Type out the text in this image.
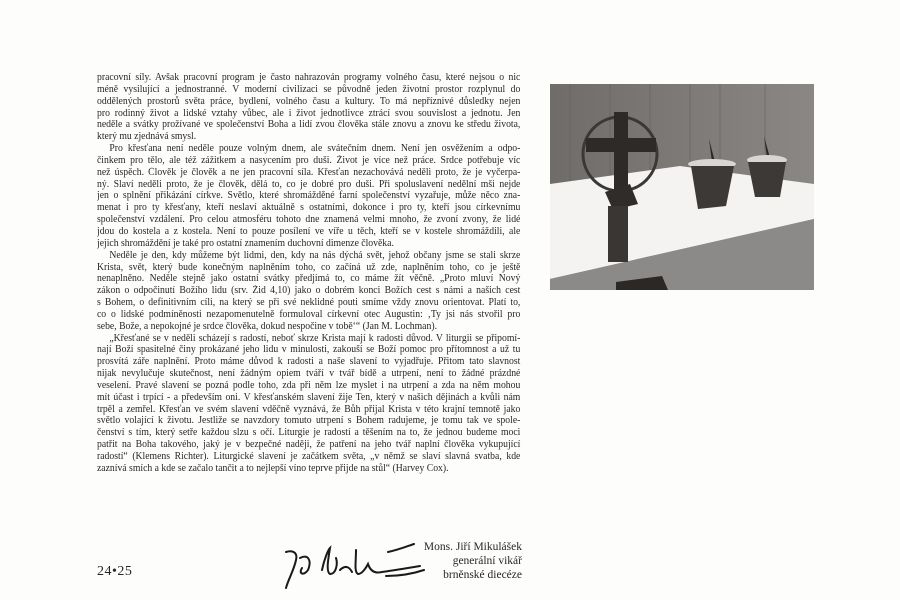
pracovní síly. Avšak pracovní program je často nahrazován programy volného času, které nejsou o nic
méně vysilující a jednostranné. V moderní civilizaci se původně jeden životní prostor rozplynul do
oddělených prostorů světa práce, bydlení, volného času a kultury. To má nepříznivé důsledky nejen
pro rodinný život a lidské vztahy vůbec, ale i život jednotlivce ztrácí svou souvislost a jednotu. Jen
neděle a svátky prožívané ve společenství Boha a lidí zvou člověka stále znovu a znovu ke středu života,
který mu zjednává smysl.
Pro křesťana není neděle pouze volným dnem, ale svátečním dnem. Není jen osvěžením a odpo-
činkem pro tělo, ale též zážitkem a nasycením pro duši. Život je více než práce. Srdce potřebuje víc
než úspěch. Člověk je člověk a ne jen pracovní síla. Křesťan nezachovává neděli proto, že je vyčerpa-
ný. Slaví neděli proto, že je člověk, dělá to, co je dobré pro duši. Při spoluslavení nedělní mši nejde
jen o splnění přikázání církve. Světlo, které shromážděné farní společenství vyzařuje, může něco zna-
menat i pro ty křesťany, kteří neslaví aktuálně s ostatními, dokonce i pro ty, kteří jsou církevnímu
společenství vzdálení. Pro celou atmosféru tohoto dne znamená velmi mnoho, že zvoní zvony, že lidé
jdou do kostela a z kostela. Není to pouze posílení ve víře u těch, kteří se v kostele shromáždili, ale
jejich shromáždění je také pro ostatní znamením duchovní dimenze člověka.
Neděle je den, kdy můžeme být lidmi, den, kdy na nás dýchá svět, jehož občany jsme se stali skrze
Krista, svět, který bude konečným naplněním toho, co začíná už zde, naplněním toho, co je ještě
nenaplněno. Neděle stejně jako ostatní svátky předjímá to, co máme žít věčně. „Proto mluví Nový
zákon o odpočinutí Božího lidu (srv. Žid 4,10) jako o dobrém konci Božích cest s námi a našich cest
s Bohem, o definitivním cíli, na který se při své neklidné pouti smíme vždy znovu orientovat. Platí to,
co o lidské podmíněnosti nezapomenutelně formuloval církevní otec Augustin: ‚Ty jsi nás stvořil pro
sebe, Bože, a nepokojné je srdce člověka, dokud nespočine v tobě‘“ (Jan M. Lochman).
„Křesťané se v neděli scházejí s radostí, neboť skrze Krista mají k radosti důvod. V liturgii se připomí-
nají Boží spasitelné činy prokázané jeho lidu v minulosti, zakouší se Boží pomoc pro přítomnost a už tu
prosvítá záře naplnění. Proto máme důvod k radosti a naše slavení to vyjadřuje. Přitom tato slavnost
nijak nevylučuje skutečnost, není žádným opiem tváří v tvář bídě a utrpení, není to žádné prázdné
veselení. Pravé slavení se pozná podle toho, zda při něm lze myslet i na utrpení a zda na něm mohou
mít účast i trpící - a především oni. V křesťanském slavení žije Ten, který v našich dějinách a kvůli nám
trpěl a zemřel. Křesťan ve svém slavení vděčně vyznává, že Bůh přijal Krista v této krajní temnotě jako
světlo volající k životu. Jestliže se navzdory tomuto utrpení s Bohem radujeme, je tomu tak ve spole-
čenství s tím, který setře každou slzu s očí. Liturgie je radostí a těšením na to, že jednou budeme moci
patřit na Boha takového, jaký je v bezpečné naději, že patření na jeho tvář naplní člověka vykupující
radostí“ (Klemens Richter). Liturgické slavení je začátkem světa, „v němž se slaví slavná svatba, kde
zaznívá smích a kde se začalo tančit a to nejlepší víno teprve přijde na stůl“ (Harvey Cox).
24•25
Mons. Jiří Mikulášek
generální vikář
brněnské diecéze
